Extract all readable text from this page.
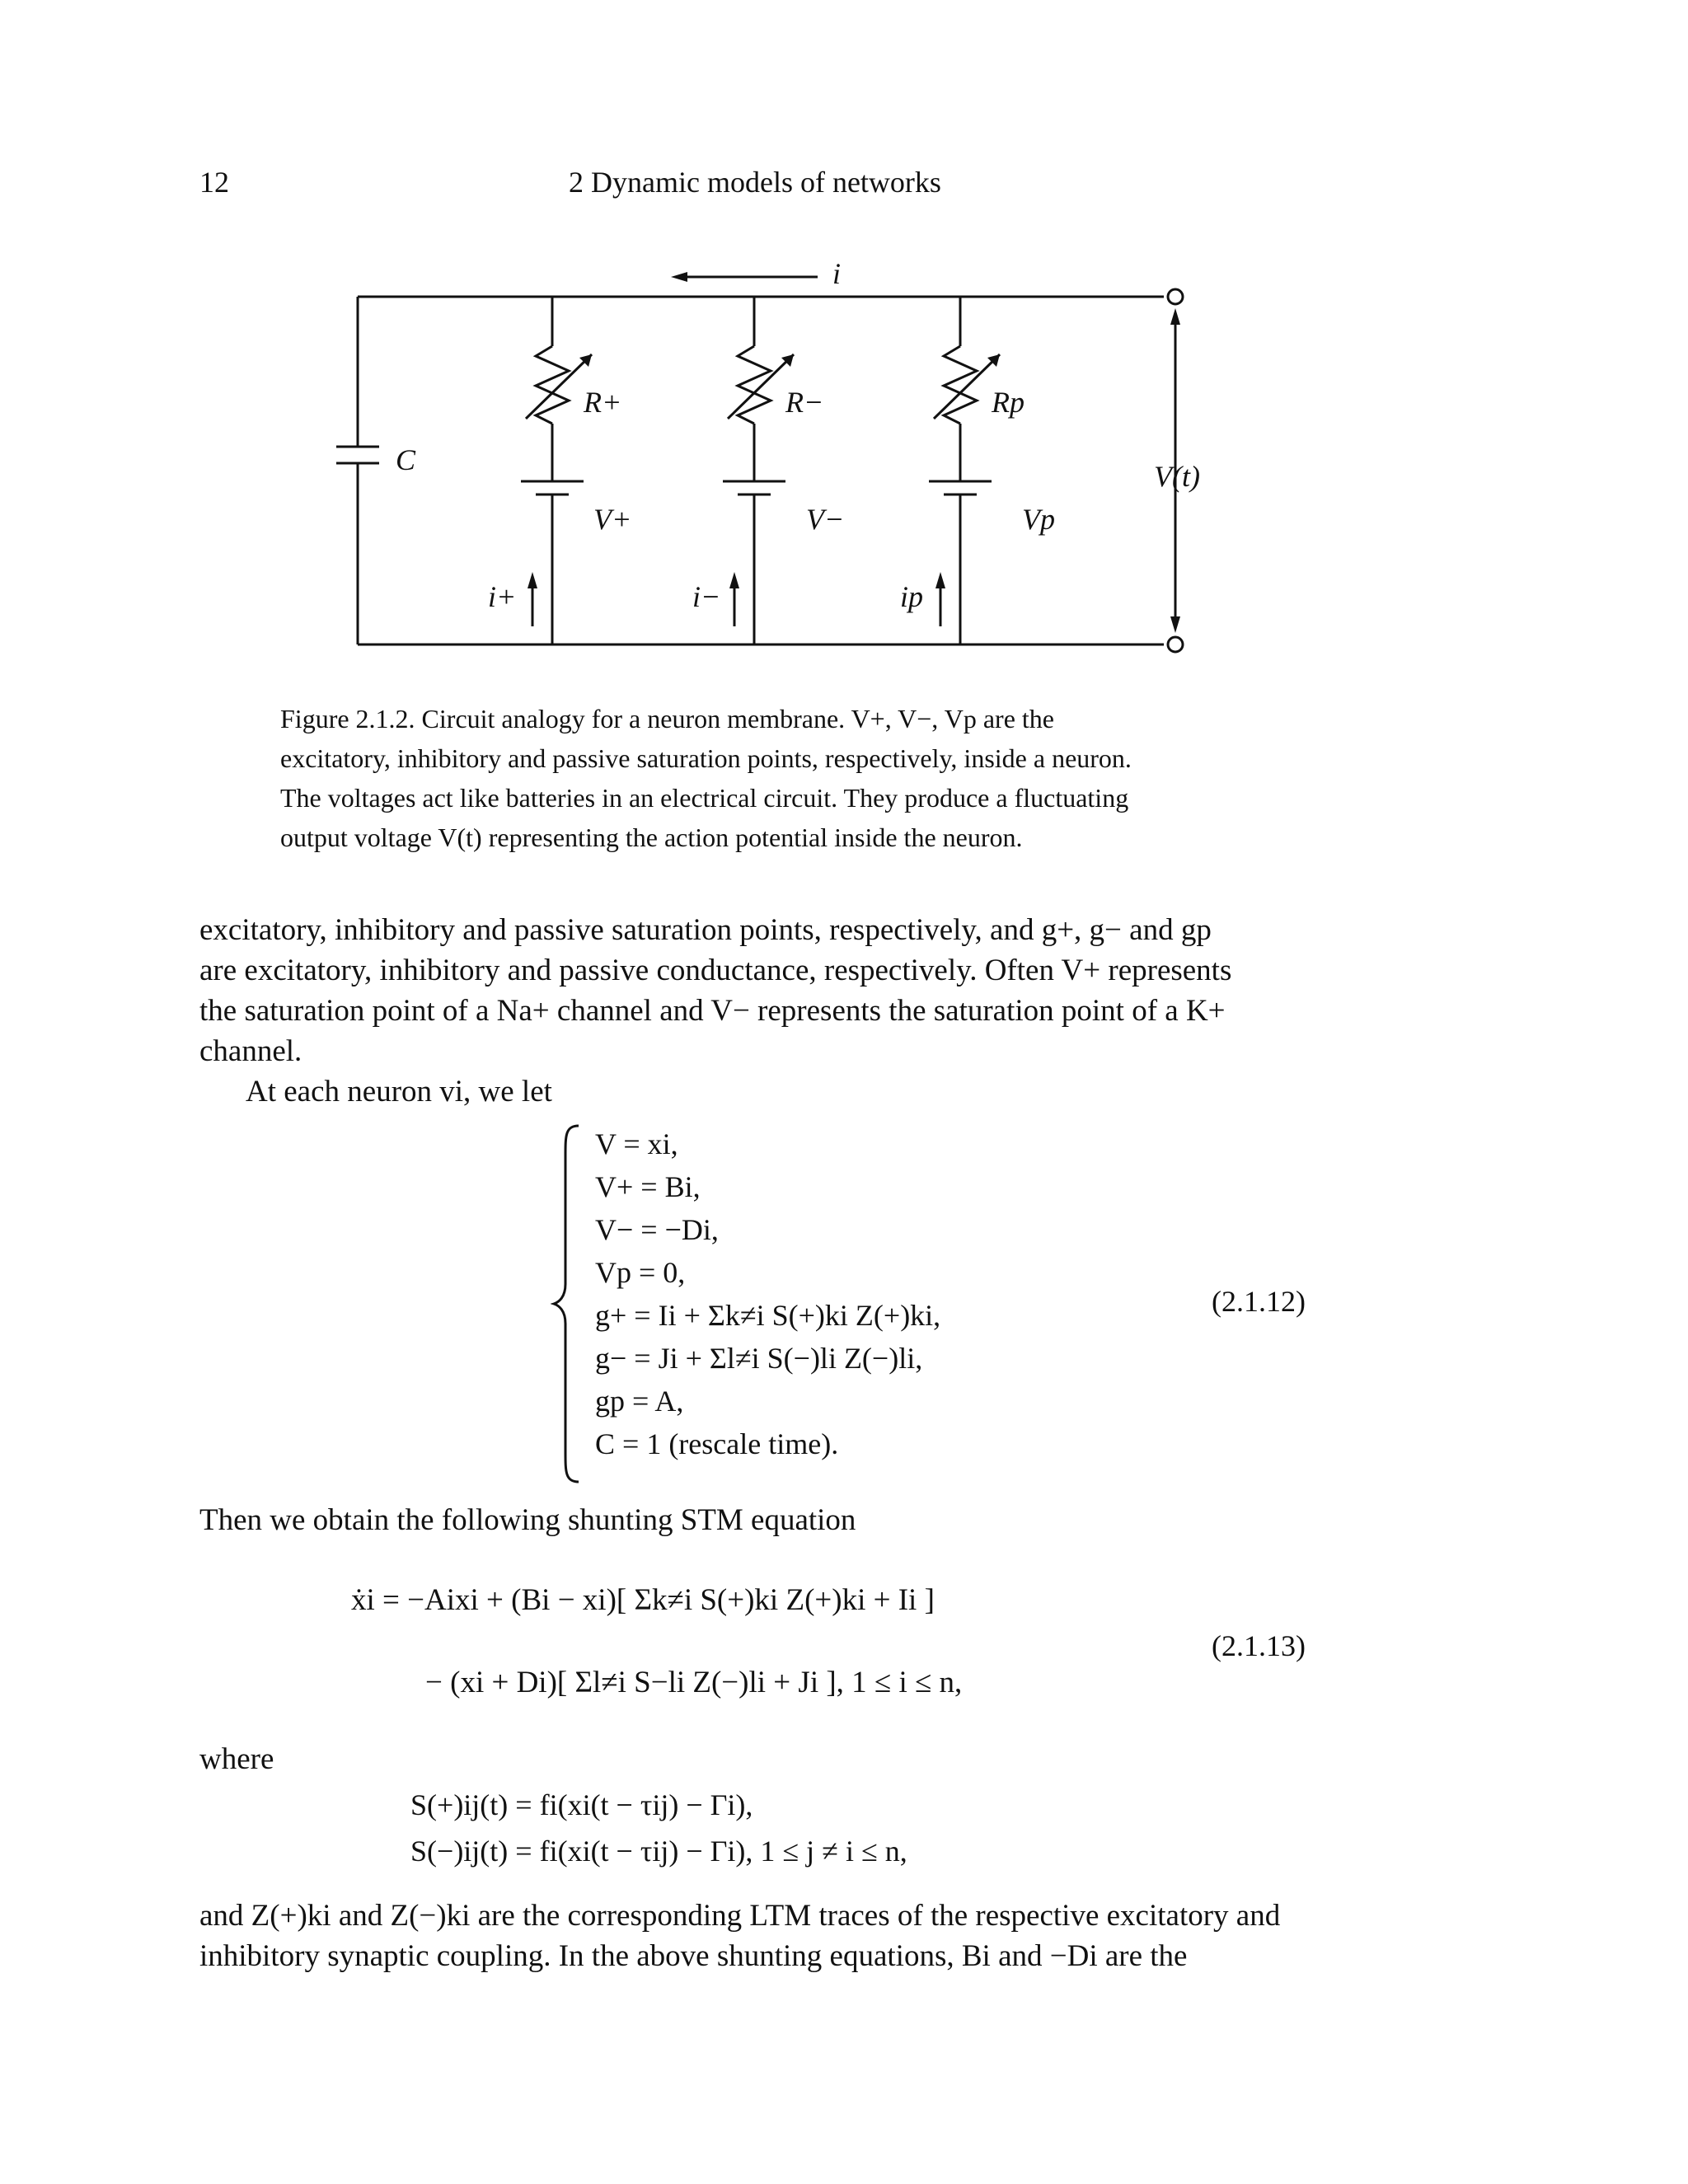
12	2 Dynamic models of networks
i
C
R+	R−	Rp
V+	V−	Vp
i+	i−	ip
V(t)
Figure 2.1.2. Circuit analogy for a neuron membrane. V+, V−, Vp are the
excitatory, inhibitory and passive saturation points, respectively, inside a neuron.
The voltages act like batteries in an electrical circuit. They produce a fluctuating
output voltage V(t) representing the action potential inside the neuron.
excitatory, inhibitory and passive saturation points, respectively, and g+, g− and gp
are excitatory, inhibitory and passive conductance, respectively. Often V+ represents
the saturation point of a Na+ channel and V− represents the saturation point of a K+
channel.
At each neuron vi, we let
V = xi,
V+ = Bi,
V− = −Di,
Vp = 0,
g+ = Ii + Σk≠i S(+)ki Z(+)ki,
g− = Ji + Σl≠i S(−)li Z(−)li,
gp = A,
C = 1 (rescale time).
(2.1.12)
Then we obtain the following shunting STM equation
ẋi = −Aixi + (Bi − xi)[ Σk≠i S(+)ki Z(+)ki + Ii ]
− (xi + Di)[ Σl≠i S−li Z(−)li + Ji ], 1 ≤ i ≤ n,
(2.1.13)
where
S(+)ij(t) = fi(xi(t − τij) − Γi),
S(−)ij(t) = fi(xi(t − τij) − Γi), 1 ≤ j ≠ i ≤ n,
and Z(+)ki and Z(−)ki are the corresponding LTM traces of the respective excitatory and
inhibitory synaptic coupling. In the above shunting equations, Bi and −Di are the
